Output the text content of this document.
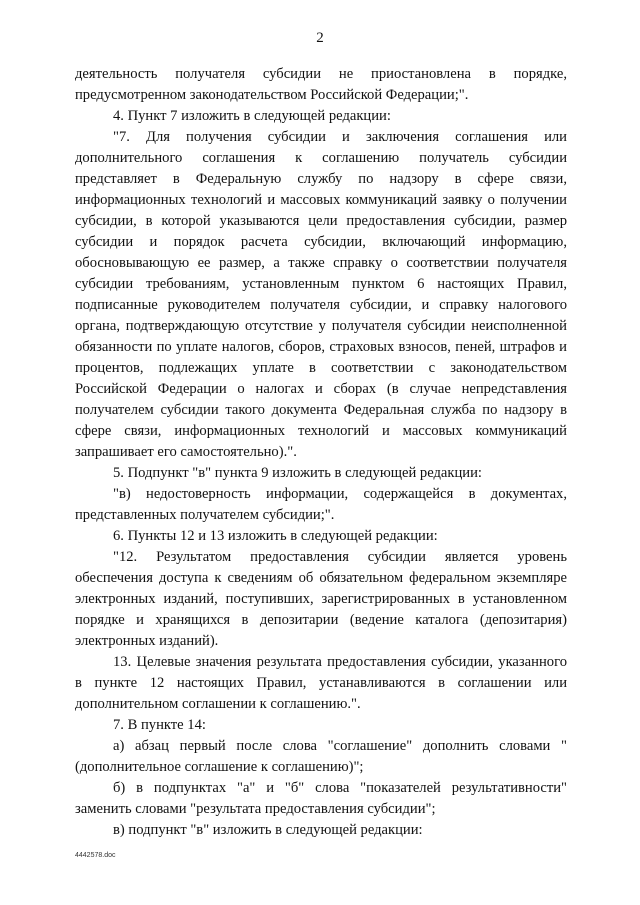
2

деятельность получателя субсидии не приостановлена в порядке, предусмотренном законодательством Российской Федерации;".

4. Пункт 7 изложить в следующей редакции:

"7. Для получения субсидии и заключения соглашения или дополнительного соглашения к соглашению получатель субсидии представляет в Федеральную службу по надзору в сфере связи, информационных технологий и массовых коммуникаций заявку о получении субсидии, в которой указываются цели предоставления субсидии, размер субсидии и порядок расчета субсидии, включающий информацию, обосновывающую ее размер, а также справку о соответствии получателя субсидии требованиям, установленным пунктом 6 настоящих Правил, подписанные руководителем получателя субсидии, и справку налогового органа, подтверждающую отсутствие у получателя субсидии неисполненной обязанности по уплате налогов, сборов, страховых взносов, пеней, штрафов и процентов, подлежащих уплате в соответствии с законодательством Российской Федерации о налогах и сборах (в случае непредставления получателем субсидии такого документа Федеральная служба по надзору в сфере связи, информационных технологий и массовых коммуникаций запрашивает его самостоятельно).".

5. Подпункт "в" пункта 9 изложить в следующей редакции:

"в) недостоверность информации, содержащейся в документах, представленных получателем субсидии;".

6. Пункты 12 и 13 изложить в следующей редакции:

"12. Результатом предоставления субсидии является уровень обеспечения доступа к сведениям об обязательном федеральном экземпляре электронных изданий, поступивших, зарегистрированных в установленном порядке и хранящихся в депозитарии (ведение каталога (депозитария) электронных изданий).

13. Целевые значения результата предоставления субсидии, указанного в пункте 12 настоящих Правил, устанавливаются в соглашении или дополнительном соглашении к соглашению.".

7. В пункте 14:

а) абзац первый после слова "соглашение" дополнить словами "(дополнительное соглашение к соглашению)";

б) в подпунктах "а" и "б" слова "показателей результативности" заменить словами "результата предоставления субсидии";

в) подпункт "в" изложить в следующей редакции:

4442578.doc
